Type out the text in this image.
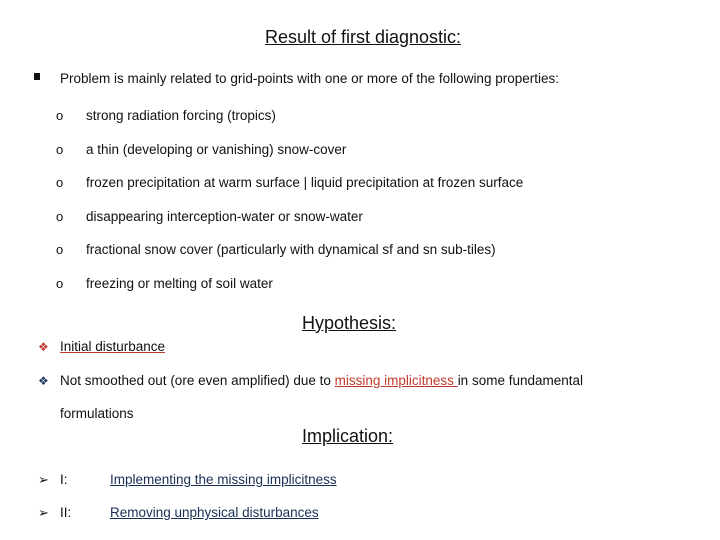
Result of first diagnostic:
Problem is mainly related to grid-points with one or more of the following properties:
o strong radiation forcing (tropics)
o a thin (developing or vanishing) snow-cover
o frozen precipitation at warm surface | liquid precipitation at frozen surface
o disappearing interception-water or snow-water
o fractional snow cover (particularly with dynamical sf and sn sub-tiles)
o freezing or melting of soil water
Hypothesis:
❖ Initial disturbance
❖ Not smoothed out (ore even amplified) due to missing implicitness in some fundamental
formulations
Implication:
➢ I:	Implementing the missing implicitness
➢ II:	Removing unphysical disturbances
